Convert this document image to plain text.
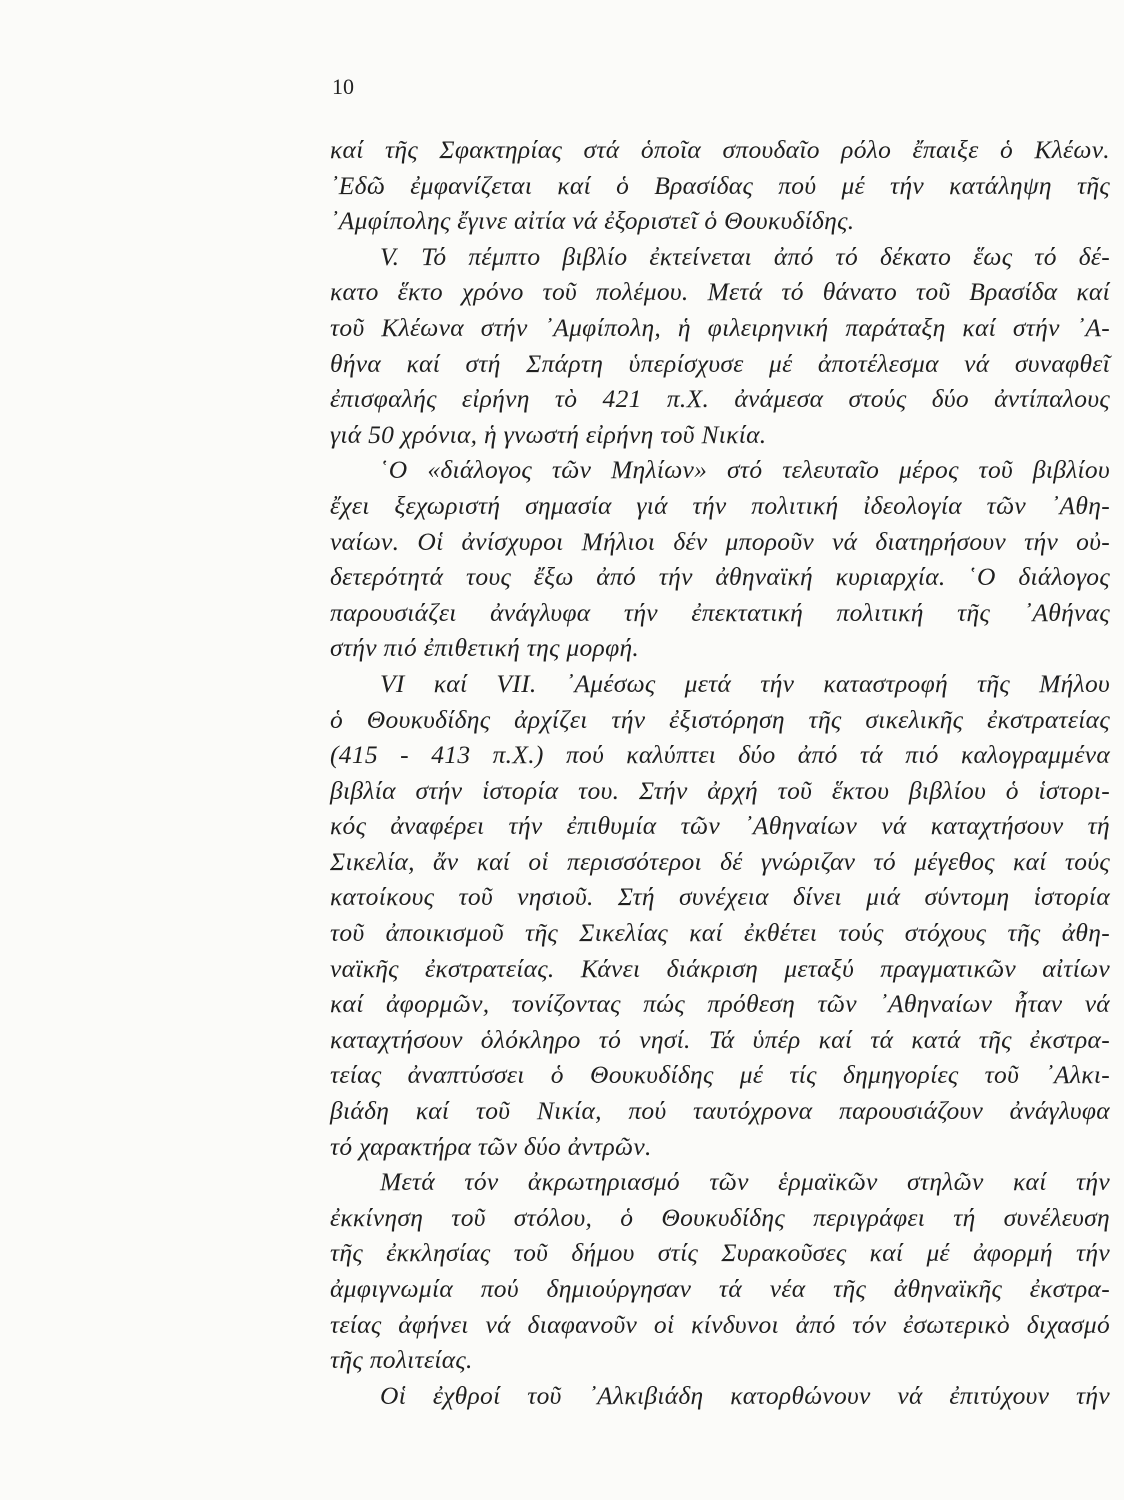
10
καί τῆς Σφακτηρίας στά ὁποῖα σπουδαῖο ρόλο ἔπαιξε ὁ Κλέων.
᾿Εδῶ ἐμφανίζεται καί ὁ Βρασίδας πού μέ τήν κατάληψη τῆς
᾿Αμφίπολης ἔγινε αἰτία νά ἐξοριστεῖ ὁ Θουκυδίδης.
V. Τό πέμπτο βιβλίο ἐκτείνεται ἀπό τό δέκατο ἕως τό δέ-
κατο ἕκτο χρόνο τοῦ πολέμου. Μετά τό θάνατο τοῦ Βρασίδα καί
τοῦ Κλέωνα στήν ᾿Αμφίπολη, ἡ φιλειρηνική παράταξη καί στήν ᾿Α-
θήνα καί στή Σπάρτη ὑπερίσχυσε μέ ἀποτέλεσμα νά συναφθεῖ
ἐπισφαλής εἰρήνη τὸ 421 π.Χ. ἀνάμεσα στούς δύο ἀντίπαλους
γιά 50 χρόνια, ἡ γνωστή εἰρήνη τοῦ Νικία.
῾Ο «διάλογος τῶν Μηλίων» στό τελευταῖο μέρος τοῦ βιβλίου
ἔχει ξεχωριστή σημασία γιά τήν πολιτική ἰδεολογία τῶν ᾿Αθη-
ναίων. Οἱ ἀνίσχυροι Μήλιοι δέν μποροῦν νά διατηρήσουν τήν οὐ-
δετερότητά τους ἔξω ἀπό τήν ἀθηναϊκή κυριαρχία. ῾Ο διάλογος
παρουσιάζει ἀνάγλυφα τήν ἐπεκτατική πολιτική τῆς ᾿Αθήνας
στήν πιό ἐπιθετική της μορφή.
VI καί VII. ᾿Αμέσως μετά τήν καταστροφή τῆς Μήλου
ὁ Θουκυδίδης ἀρχίζει τήν ἐξιστόρηση τῆς σικελικῆς ἐκστρατείας
(415 - 413 π.Χ.) πού καλύπτει δύο ἀπό τά πιό καλογραμμένα
βιβλία στήν ἱστορία του. Στήν ἀρχή τοῦ ἕκτου βιβλίου ὁ ἱστορι-
κός ἀναφέρει τήν ἐπιθυμία τῶν ᾿Αθηναίων νά καταχτήσουν τή
Σικελία, ἄν καί οἱ περισσότεροι δέ γνώριζαν τό μέγεθος καί τούς
κατοίκους τοῦ νησιοῦ. Στή συνέχεια δίνει μιά σύντομη ἱστορία
τοῦ ἀποικισμοῦ τῆς Σικελίας καί ἐκθέτει τούς στόχους τῆς ἀθη-
ναϊκῆς ἐκστρατείας. Κάνει διάκριση μεταξύ πραγματικῶν αἰτίων
καί ἀφορμῶν, τονίζοντας πώς πρόθεση τῶν ᾿Αθηναίων ἦταν νά
καταχτήσουν ὁλόκληρο τό νησί. Τά ὑπέρ καί τά κατά τῆς ἐκστρα-
τείας ἀναπτύσσει ὁ Θουκυδίδης μέ τίς δημηγορίες τοῦ ᾿Αλκι-
βιάδη καί τοῦ Νικία, πού ταυτόχρονα παρουσιάζουν ἀνάγλυφα
τό χαρακτήρα τῶν δύο ἀντρῶν.
Μετά τόν ἀκρωτηριασμό τῶν ἑρμαϊκῶν στηλῶν καί τήν
ἐκκίνηση τοῦ στόλου, ὁ Θουκυδίδης περιγράφει τή συνέλευση
τῆς ἐκκλησίας τοῦ δήμου στίς Συρακοῦσες καί μέ ἀφορμή τήν
ἀμφιγνωμία πού δημιούργησαν τά νέα τῆς ἀθηναϊκῆς ἐκστρα-
τείας ἀφήνει νά διαφανοῦν οἱ κίνδυνοι ἀπό τόν ἐσωτερικὸ διχασμό
τῆς πολιτείας.
Οἱ ἐχθροί τοῦ ᾿Αλκιβιάδη κατορθώνουν νά ἐπιτύχουν τήν
